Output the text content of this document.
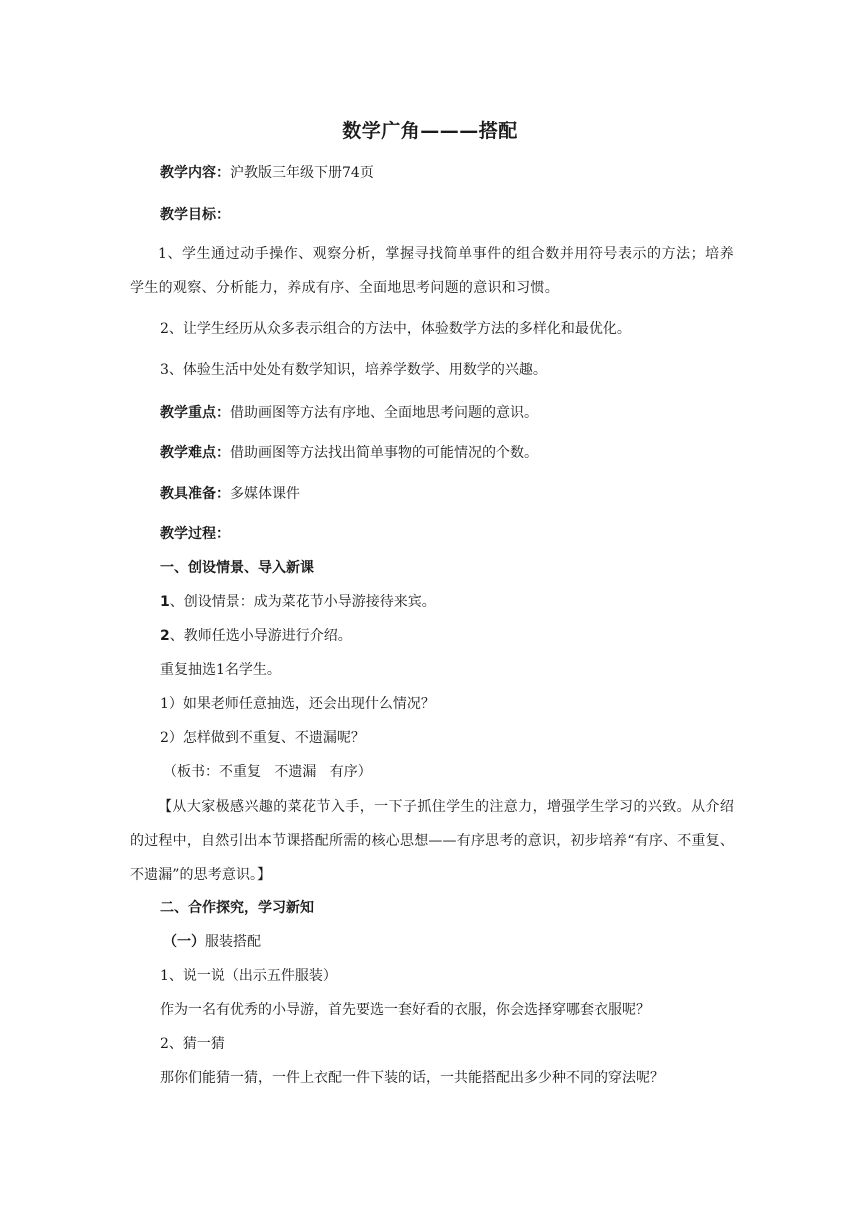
数学广角———搭配
教学内容：沪教版三年级下册74页
教学目标：
1、学生通过动手操作、观察分析，掌握寻找简单事件的组合数并用符号表示的方法；培养学生的观察、分析能力，养成有序、全面地思考问题的意识和习惯。
2、让学生经历从众多表示组合的方法中，体验数学方法的多样化和最优化。
3、体验生活中处处有数学知识，培养学数学、用数学的兴趣。
教学重点：借助画图等方法有序地、全面地思考问题的意识。
教学难点：借助画图等方法找出简单事物的可能情况的个数。
教具准备：多媒体课件
教学过程：
一、创设情景、导入新课
1、创设情景：成为菜花节小导游接待来宾。
2、教师任选小导游进行介绍。
重复抽选1名学生。
1）如果老师任意抽选，还会出现什么情况？
2）怎样做到不重复、不遗漏呢？
（板书：不重复   不遗漏   有序）
【从大家极感兴趣的菜花节入手，一下子抓住学生的注意力，增强学生学习的兴致。从介绍的过程中，自然引出本节课搭配所需的核心思想——有序思考的意识，初步培养“有序、不重复、不遗漏”的思考意识。】
二、合作探究，学习新知
（一）服装搭配
1、说一说（出示五件服装）
作为一名有优秀的小导游，首先要选一套好看的衣服，你会选择穿哪套衣服呢？
2、猜一猜
那你们能猜一猜，一件上衣配一件下装的话，一共能搭配出多少种不同的穿法呢？
